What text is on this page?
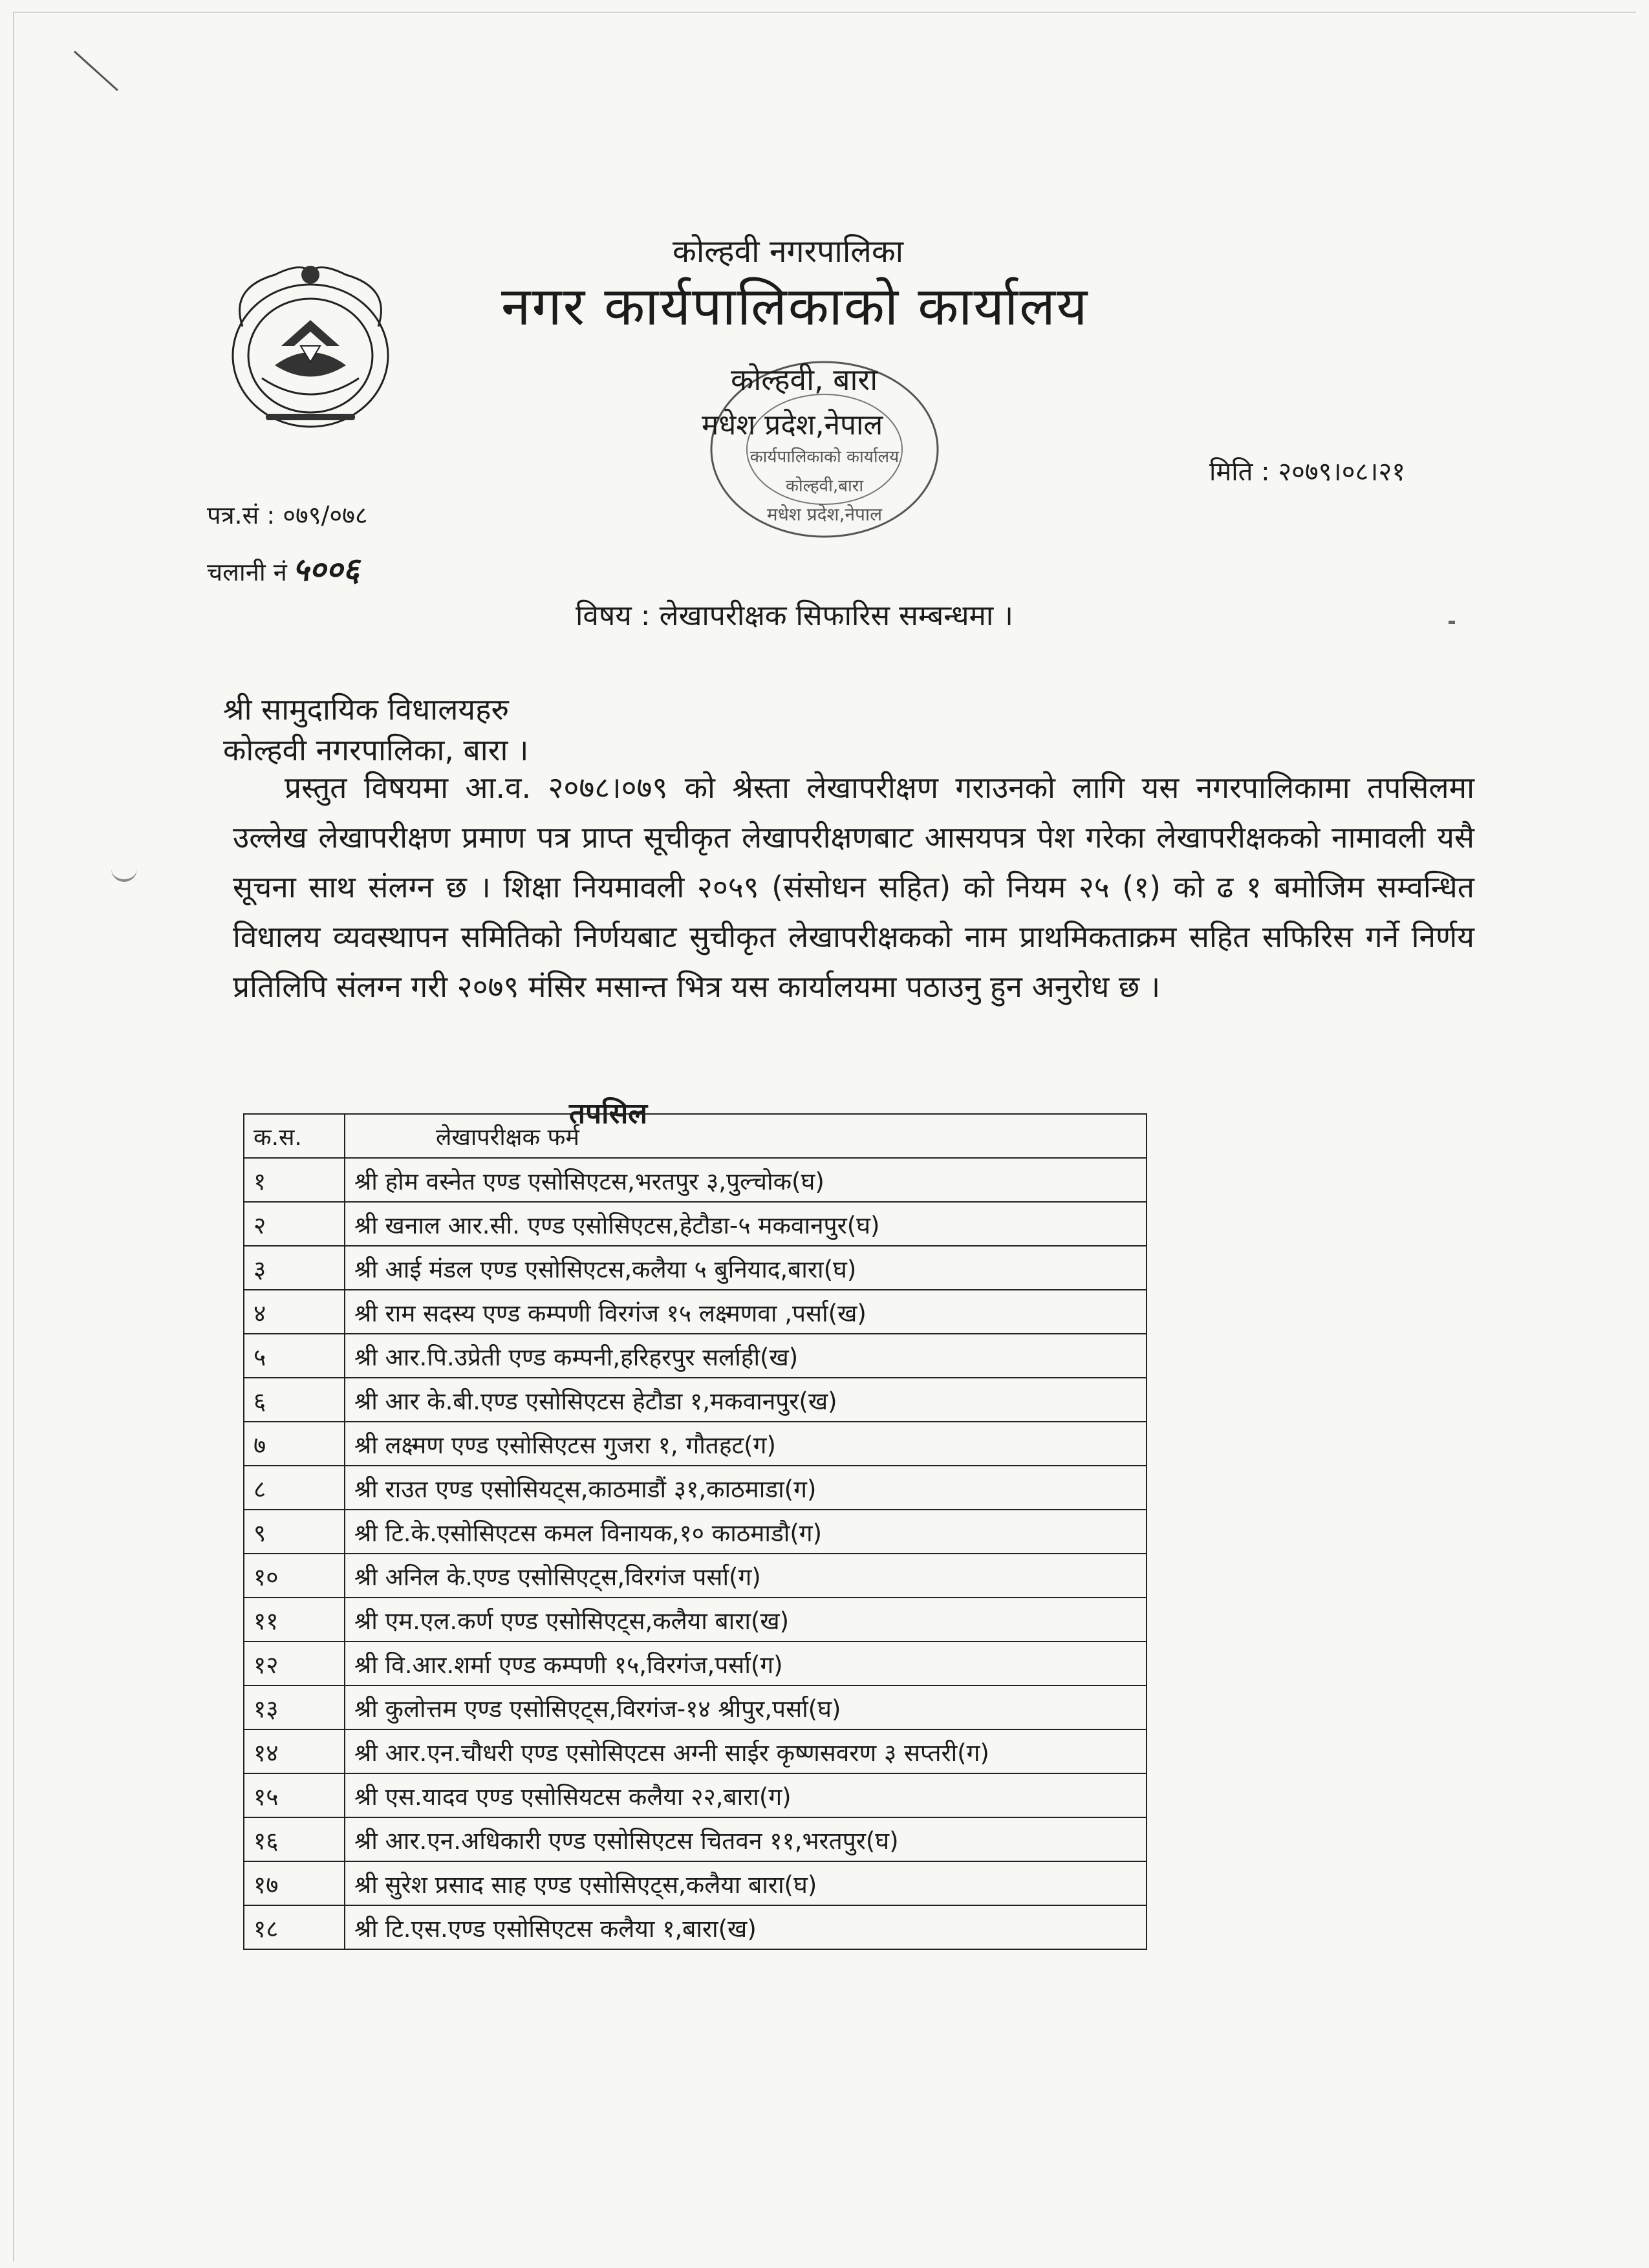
कोल्हवी नगरपालिका
नगर कार्यपालिकाको कार्यालय
कार्यपालिकाको कार्यालय
कोल्हवी,बारा
मधेश प्रदेश,नेपाल
कोल्हवी, बारा
मधेश प्रदेश,नेपाल
मिति : २०७९।०८।२१
पत्र.सं : ०७९/०७८
चलानी नं ५००६
विषय : लेखापरीक्षक सिफारिस सम्बन्धमा ।
श्री सामुदायिक विधालयहरु
कोल्हवी नगरपालिका, बारा ।
प्रस्तुत विषयमा आ.व. २०७८।०७९ को श्रेस्ता लेखापरीक्षण गराउनको लागि यस नगरपालिकामा तपसिलमा उल्लेख लेखापरीक्षण प्रमाण पत्र प्राप्त सूचीकृत लेखापरीक्षणबाट आसयपत्र पेश गरेका लेखापरीक्षकको नामावली यसै सूचना साथ संलग्न छ । शिक्षा नियमावली २०५९ (संसोधन सहित) को नियम २५ (१) को ढ १ बमोजिम सम्वन्धित विधालय व्यवस्थापन समितिको निर्णयबाट सुचीकृत लेखापरीक्षकको नाम प्राथमिकताक्रम सहित सफिरिस गर्ने निर्णय प्रतिलिपि संलग्न गरी २०७९ मंसिर मसान्त भित्र यस कार्यालयमा पठाउनु हुन अनुरोध छ ।
तपसिल
क.स.	लेखापरीक्षक फर्म
१	श्री होम वस्नेत एण्ड एसोसिएटस,भरतपुर ३,पुल्चोक(घ)
२	श्री खनाल आर.सी. एण्ड एसोसिएटस,हेटौडा-५ मकवानपुर(घ)
३	श्री आई मंडल एण्ड एसोसिएटस,कलैया ५ बुनियाद,बारा(घ)
४	श्री राम सदस्य एण्ड कम्पणी विरगंज १५ लक्ष्मणवा ,पर्सा(ख)
५	श्री आर.पि.उप्रेती एण्ड कम्पनी,हरिहरपुर सर्लाही(ख)
६	श्री आर के.बी.एण्ड एसोसिएटस हेटौडा १,मकवानपुर(ख)
७	श्री लक्ष्मण एण्ड एसोसिएटस गुजरा १, गौतहट(ग)
८	श्री राउत एण्ड एसोसियट्स,काठमाडौं ३१,काठमाडा(ग)
९	श्री टि.के.एसोसिएटस कमल विनायक,१० काठमाडौ(ग)
१०	श्री अनिल के.एण्ड एसोसिएट्स,विरगंज पर्सा(ग)
११	श्री एम.एल.कर्ण एण्ड एसोसिएट्स,कलैया बारा(ख)
१२	श्री वि.आर.शर्मा एण्ड कम्पणी १५,विरगंज,पर्सा(ग)
१३	श्री कुलोत्तम एण्ड एसोसिएट्स,विरगंज-१४ श्रीपुर,पर्सा(घ)
१४	श्री आर.एन.चौधरी एण्ड एसोसिएटस अग्नी साईर कृष्णसवरण ३ सप्तरी(ग)
१५	श्री एस.यादव एण्ड एसोसियटस कलैया २२,बारा(ग)
१६	श्री आर.एन.अधिकारी एण्ड एसोसिएटस चितवन ११,भरतपुर(घ)
१७	श्री सुरेश प्रसाद साह एण्ड एसोसिएट्स,कलैया बारा(घ)
१८	श्री टि.एस.एण्ड एसोसिएटस कलैया १,बारा(ख)
